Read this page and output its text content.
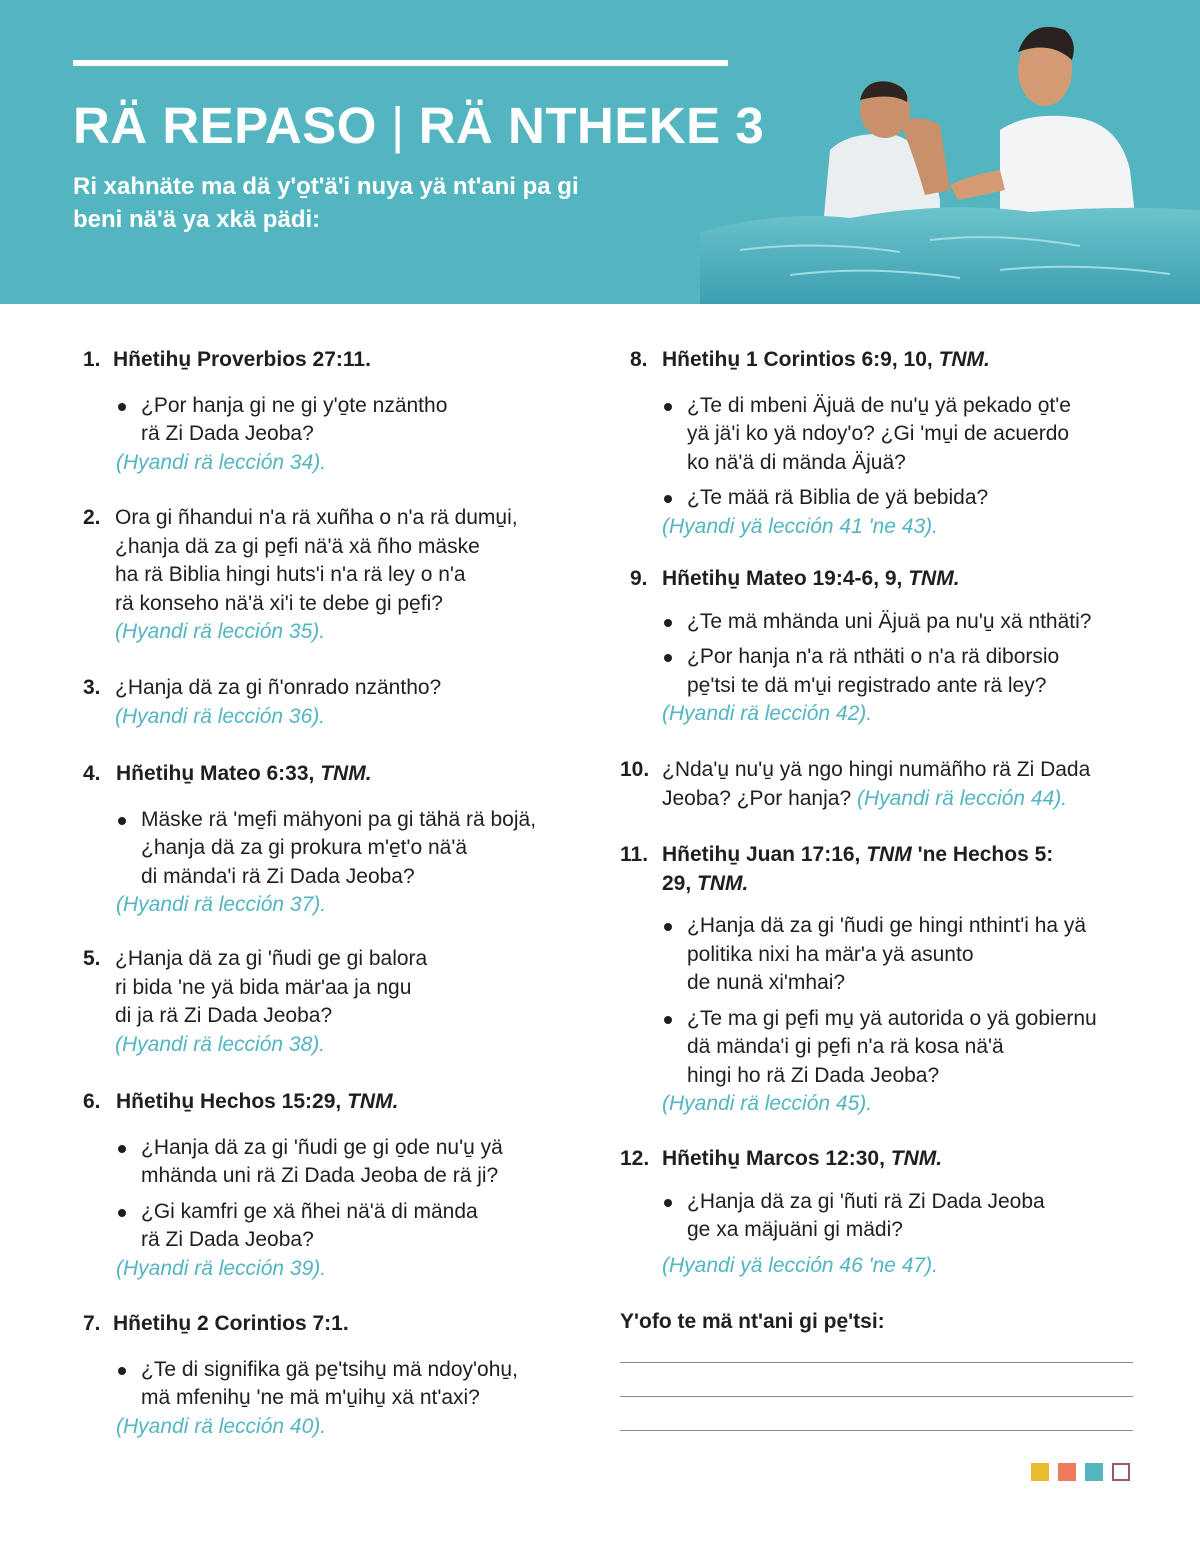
RÄ REPASO | RÄ NTHEKE 3
Ri xahnäte ma dä y'o̱t'ä'i nuya yä nt'ani pa gi beni nä'ä ya xkä pädi:
1. Hñetihu̱ Proverbios 27:11.
¿Por hanja gi ne gi y'o̱te nzäntho
rä Zi Dada Jeoba?
(Hyandi rä lección 34).
2. Ora gi ñhandui n'a rä xuñha o n'a rä dumu̱i,
¿hanja dä za gi pe̱fi nä'ä xä ñho mäske
ha rä Biblia hingi huts'i n'a rä ley o n'a
rä konseho nä'ä xi'i te debe gi pe̱fi?
(Hyandi rä lección 35).
3. ¿Hanja dä za gi ñ'onrado nzäntho?
(Hyandi rä lección 36).
4. Hñetihu̱ Mateo 6:33, TNM.
Mäske rä 'me̱fi mähyoni pa gi tähä rä bojä,
¿hanja dä za gi prokura m'e̱t'o nä'ä
di mända'i rä Zi Dada Jeoba?
(Hyandi rä lección 37).
5. ¿Hanja dä za gi 'ñudi ge gi balora
ri bida 'ne yä bida mär'aa ja ngu
di ja rä Zi Dada Jeoba?
(Hyandi rä lección 38).
6. Hñetihu̱ Hechos 15:29, TNM.
¿Hanja dä za gi 'ñudi ge gi o̱de nu'u̱ yä
mhända uni rä Zi Dada Jeoba de rä ji?
¿Gi kamfri ge xä ñhei nä'ä di mända
rä Zi Dada Jeoba?
(Hyandi rä lección 39).
7. Hñetihu̱ 2 Corintios 7:1.
¿Te di signifika gä pe̱'tsihu̱ mä ndoy'ohu̱,
mä mfenihu̱ 'ne mä m'u̱ihu̱ xä nt'axi?
(Hyandi rä lección 40).
8. Hñetihu̱ 1 Corintios 6:9, 10, TNM.
¿Te di mbeni Äjuä de nu'u̱ yä pekado o̱t'e
yä jä'i ko yä ndoy'o? ¿Gi 'mu̱i de acuerdo
ko nä'ä di mända Äjuä?
¿Te mää rä Biblia de yä bebida?
(Hyandi yä lección 41 'ne 43).
9. Hñetihu̱ Mateo 19:4-6, 9, TNM.
¿Te mä mhända uni Äjuä pa nu'u̱ xä nthäti?
¿Por hanja n'a rä nthäti o n'a rä diborsio
pe̱'tsi te dä m'u̱i registrado ante rä ley?
(Hyandi rä lección 42).
10. ¿Nda'u̱ nu'u̱ yä ngo hingi numäñho rä Zi Dada
Jeoba? ¿Por hanja? (Hyandi rä lección 44).
11. Hñetihu̱ Juan 17:16, TNM 'ne Hechos 5:
29, TNM.
¿Hanja dä za gi 'ñudi ge hingi nthint'i ha yä
politika nixi ha mär'a yä asunto
de nunä xi'mhai?
¿Te ma gi pe̱fi mu̱ yä autorida o yä gobiernu
dä mända'i gi pe̱fi n'a rä kosa nä'ä
hingi ho rä Zi Dada Jeoba?
(Hyandi rä lección 45).
12. Hñetihu̱ Marcos 12:30, TNM.
¿Hanja dä za gi 'ñuti rä Zi Dada Jeoba
ge xa mäjuäni gi mädi?
(Hyandi yä lección 46 'ne 47).
Y'ofo te mä nt'ani gi pe̱'tsi:
